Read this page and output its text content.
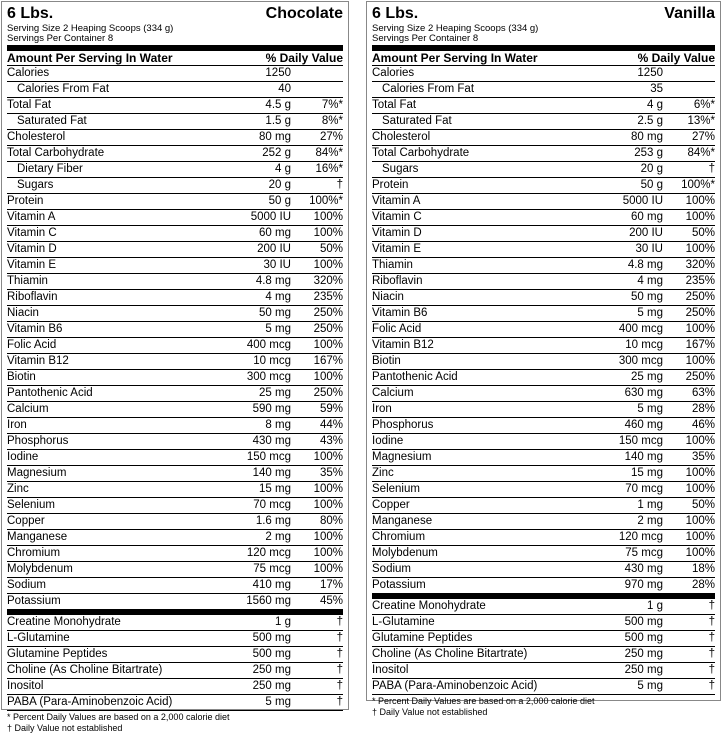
6 Lbs.	Chocolate
Serving Size 2 Heaping Scoops (334 g)
Servings Per Container 8
Amount Per Serving In Water	% Daily Value
Calories	1250
Calories From Fat	40
Total Fat	4.5 g	7%*
Saturated Fat	1.5 g	8%*
Cholesterol	80 mg	27%
Total Carbohydrate	252 g	84%*
Dietary Fiber	4 g	16%*
Sugars	20 g	†
Protein	50 g	100%*
Vitamin A	5000 IU	100%
Vitamin C	60 mg	100%
Vitamin D	200 IU	50%
Vitamin E	30 IU	100%
Thiamin	4.8 mg	320%
Riboflavin	4 mg	235%
Niacin	50 mg	250%
Vitamin B6	5 mg	250%
Folic Acid	400 mcg	100%
Vitamin B12	10 mcg	167%
Biotin	300 mcg	100%
Pantothenic Acid	25 mg	250%
Calcium	590 mg	59%
Iron	8 mg	44%
Phosphorus	430 mg	43%
Iodine	150 mcg	100%
Magnesium	140 mg	35%
Zinc	15 mg	100%
Selenium	70 mcg	100%
Copper	1.6 mg	80%
Manganese	2 mg	100%
Chromium	120 mcg	100%
Molybdenum	75 mcg	100%
Sodium	410 mg	17%
Potassium	1560 mg	45%
Creatine Monohydrate	1 g	†
L-Glutamine	500 mg	†
Glutamine Peptides	500 mg	†
Choline (As Choline Bitartrate)	250 mg	†
Inositol	250 mg	†
PABA (Para-Aminobenzoic Acid)	5 mg	†
* Percent Daily Values are based on a 2,000 calorie diet
† Daily Value not established
6 Lbs.	Vanilla
Serving Size 2 Heaping Scoops (334 g)
Servings Per Container 8
Amount Per Serving In Water	% Daily Value
Calories	1250
Calories From Fat	35
Total Fat	4 g	6%*
Saturated Fat	2.5 g	13%*
Cholesterol	80 mg	27%
Total Carbohydrate	253 g	84%*
Sugars	20 g	†
Protein	50 g	100%*
Vitamin A	5000 IU	100%
Vitamin C	60 mg	100%
Vitamin D	200 IU	50%
Vitamin E	30 IU	100%
Thiamin	4.8 mg	320%
Riboflavin	4 mg	235%
Niacin	50 mg	250%
Vitamin B6	5 mg	250%
Folic Acid	400 mcg	100%
Vitamin B12	10 mcg	167%
Biotin	300 mcg	100%
Pantothenic Acid	25 mg	250%
Calcium	630 mg	63%
Iron	5 mg	28%
Phosphorus	460 mg	46%
Iodine	150 mcg	100%
Magnesium	140 mg	35%
Zinc	15 mg	100%
Selenium	70 mcg	100%
Copper	1 mg	50%
Manganese	2 mg	100%
Chromium	120 mcg	100%
Molybdenum	75 mcg	100%
Sodium	430 mg	18%
Potassium	970 mg	28%
Creatine Monohydrate	1 g	†
L-Glutamine	500 mg	†
Glutamine Peptides	500 mg	†
Choline (As Choline Bitartrate)	250 mg	†
Inositol	250 mg	†
PABA (Para-Aminobenzoic Acid)	5 mg	†
* Percent Daily Values are based on a 2,000 calorie diet
† Daily Value not established
